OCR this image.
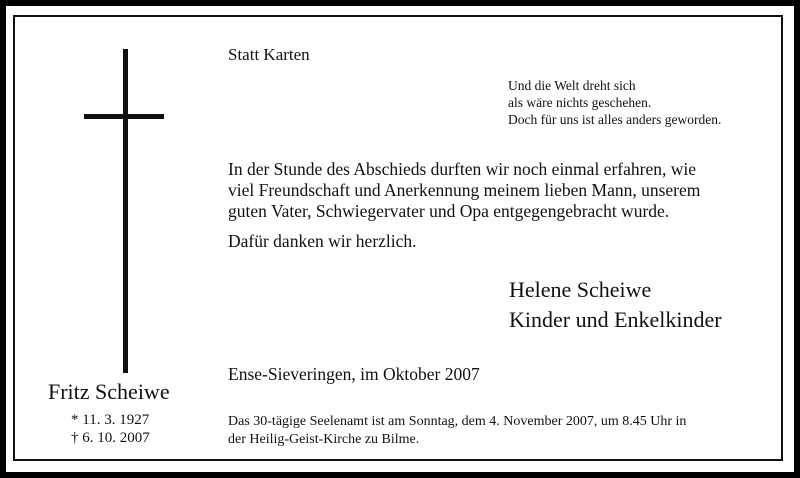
Statt Karten
Und die Welt dreht sich
als wäre nichts geschehen.
Doch für uns ist alles anders geworden.
In der Stunde des Abschieds durften wir noch einmal erfahren, wie
viel Freundschaft und Anerkennung meinem lieben Mann, unserem
guten Vater, Schwiegervater und Opa entgegengebracht wurde.
Dafür danken wir herzlich.
Helene Scheiwe
Kinder und Enkelkinder
Ense-Sieveringen, im Oktober 2007
Fritz Scheiwe
* 11. 3. 1927
† 6. 10. 2007
Das 30-tägige Seelenamt ist am Sonntag, dem 4. November 2007, um 8.45 Uhr in
der Heilig-Geist-Kirche zu Bilme.
